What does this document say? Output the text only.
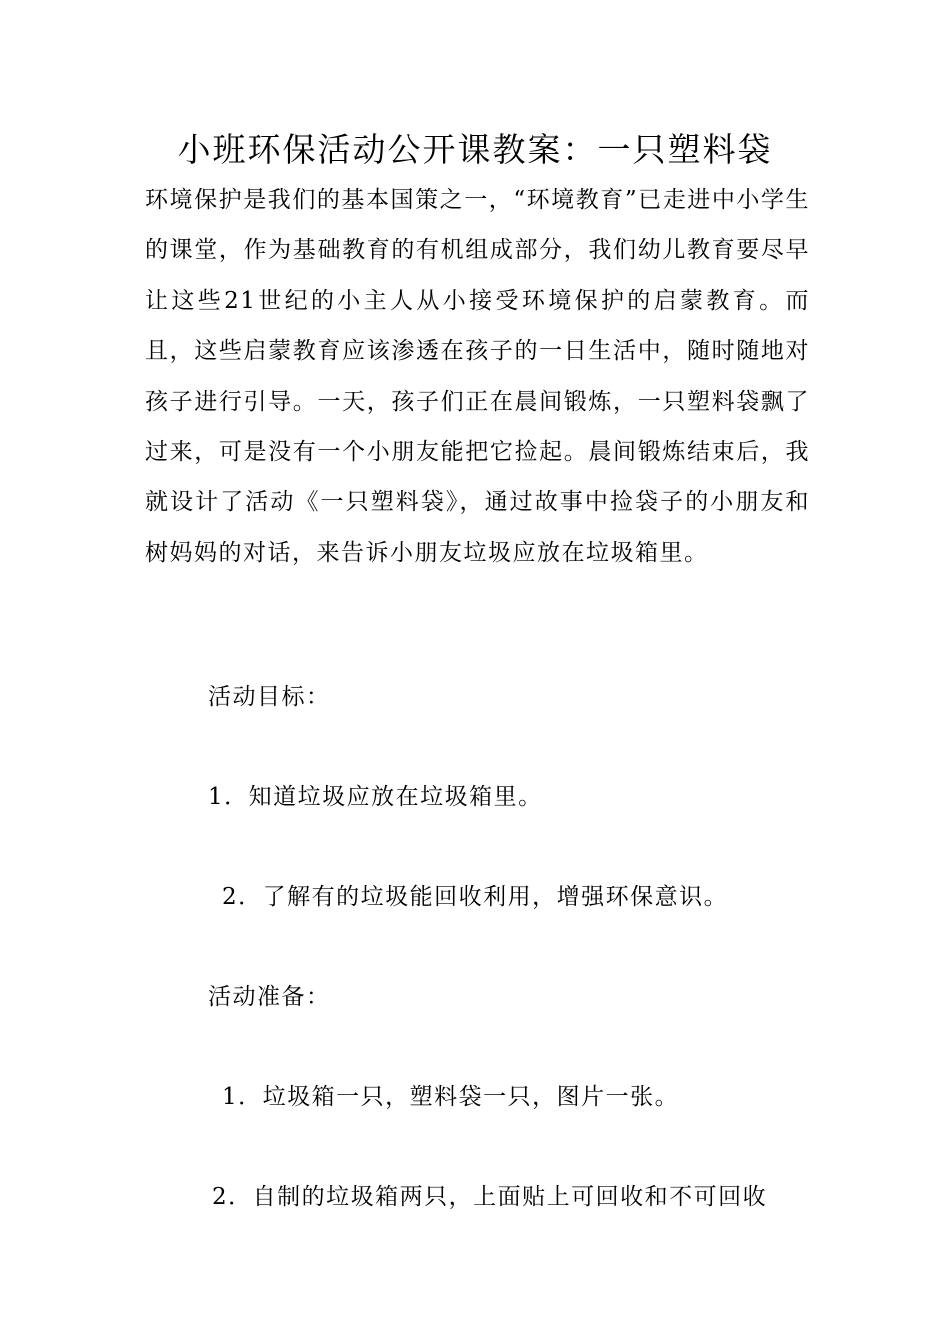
小班环保活动公开课教案：一只塑料袋

环境保护是我们的基本国策之一，“环境教育”已走进中小学生的课堂，作为基础教育的有机组成部分，我们幼儿教育要尽早让这些21世纪的小主人从小接受环境保护的启蒙教育。而且，这些启蒙教育应该渗透在孩子的一日生活中，随时随地对孩子进行引导。一天，孩子们正在晨间锻炼，一只塑料袋飘了过来，可是没有一个小朋友能把它捡起。晨间锻炼结束后，我就设计了活动《一只塑料袋》，通过故事中捡袋子的小朋友和树妈妈的对话，来告诉小朋友垃圾应放在垃圾箱里。

活动目标：

1．知道垃圾应放在垃圾箱里。

2．了解有的垃圾能回收利用，增强环保意识。

活动准备：

1．垃圾箱一只，塑料袋一只，图片一张。

2．自制的垃圾箱两只，上面贴上可回收和不可回收
